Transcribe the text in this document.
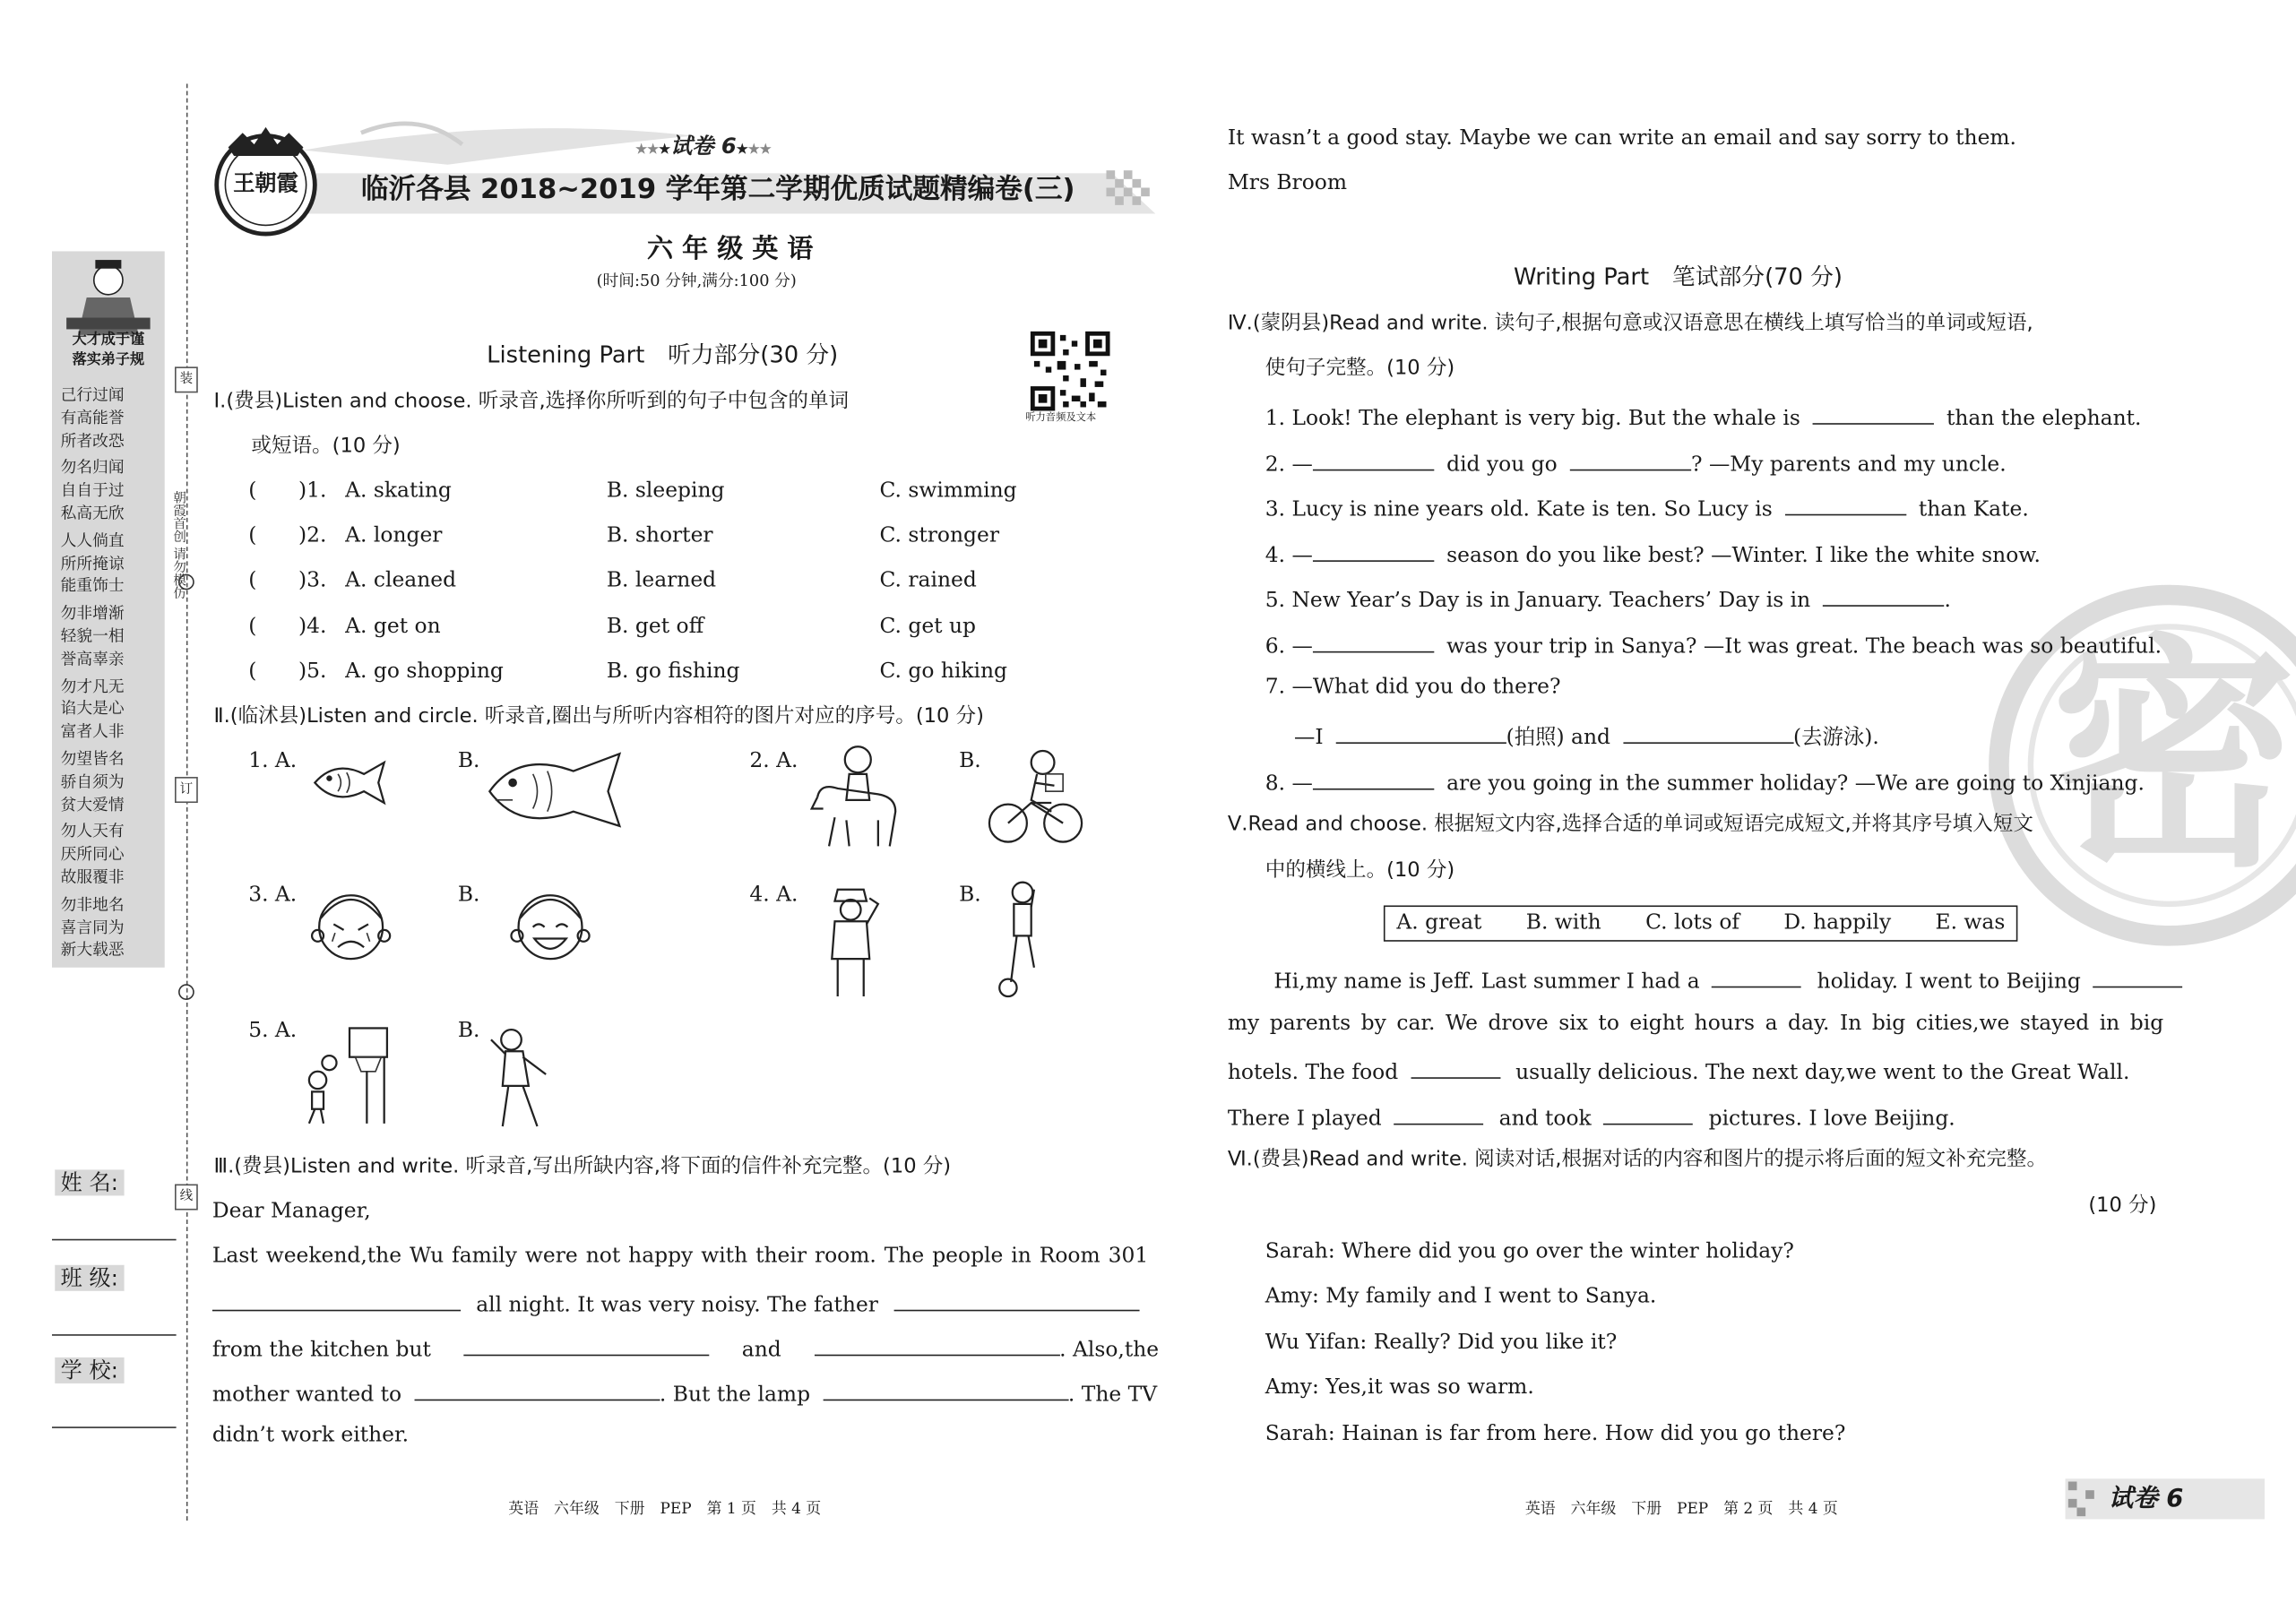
大才成于谨
落实弟子规
己行过闻
有高能誉
所者改恐
勿名归闻
自自于过
私高无欣
人人倘直
所所掩谅
能重饰士
勿非增渐
轻貌一相
誉高辜亲
勿才凡无
谄大是心
富者人非
勿望皆名
骄自须为
贫大爱情
勿人天有
厌所同心
故服覆非
勿非地名
喜言同为
新大载恶
装
订
线
朝霞首创 请勿模仿
姓 名:
班 级:
学 校:
王朝霞
★★★试卷 6★★★
临沂各县 2018~2019 学年第二学期优质试题精编卷(三)
六 年 级 英 语
(时间:50 分钟,满分:100 分)
听力音频及文本
Listening Part　听力部分(30 分)
Ⅰ.(费县)Listen and choose. 听录音,选择你所听到的句子中包含的单词
或短语。(10 分)
(　　)1. A. skating	B. sleeping	C. swimming
(　　)2. A. longer	B. shorter	C. stronger
(　　)3. A. cleaned	B. learned	C. rained
(　　)4. A. get on	B. get off	C. get up
(　　)5. A. go shopping	B. go fishing	C. go hiking
Ⅱ.(临沭县)Listen and circle. 听录音,圈出与所听内容相符的图片对应的序号。(10 分)
1. A.	B.	2. A.	B.
3. A.	B.	4. A.	B.
5. A.	B.
Ⅲ.(费县)Listen and write. 听录音,写出所缺内容,将下面的信件补充完整。(10 分)
Dear Manager,
Last weekend,the Wu family were not happy with their room. The people in Room 301
all night. It was very noisy. The father
from the kitchen but	and	. Also,the
mother wanted to	. But the lamp	. The TV
didn’t work either.
英语　六年级　下册　PEP　第 1 页　共 4 页
密
It wasn’t a good stay. Maybe we can write an email and say sorry to them.
Mrs Broom
Writing Part　笔试部分(70 分)
Ⅳ.(蒙阴县)Read and write. 读句子,根据句意或汉语意思在横线上填写恰当的单词或短语,
使句子完整。(10 分)
1. Look! The elephant is very big. But the whale is	than the elephant.
2. —	did you go	? —My parents and my uncle.
3. Lucy is nine years old. Kate is ten. So Lucy is	than Kate.
4. —	season do you like best? —Winter. I like the white snow.
5. New Year’s Day is in January. Teachers’ Day is in	.
6. —	was your trip in Sanya? —It was great. The beach was so beautiful.
7. —What did you do there?
—I	(拍照) and	(去游泳).
8. —	are you going in the summer holiday? —We are going to Xinjiang.
Ⅴ.Read and choose. 根据短文内容,选择合适的单词或短语完成短文,并将其序号填入短文
中的横线上。(10 分)
A. great	B. with	C. lots of	D. happily	E. was
Hi,my name is Jeff. Last summer I had a	holiday. I went to Beijing
my parents by car. We drove six to eight hours a day. In big cities,we stayed in big
hotels. The food	usually delicious. The next day,we went to the Great Wall.
There I played	and took	pictures. I love Beijing.
Ⅵ.(费县)Read and write. 阅读对话,根据对话的内容和图片的提示将后面的短文补充完整。
(10 分)
Sarah: Where did you go over the winter holiday?
Amy: My family and I went to Sanya.
Wu Yifan: Really? Did you like it?
Amy: Yes,it was so warm.
Sarah: Hainan is far from here. How did you go there?
英语　六年级　下册　PEP　第 2 页　共 4 页	试卷 6
